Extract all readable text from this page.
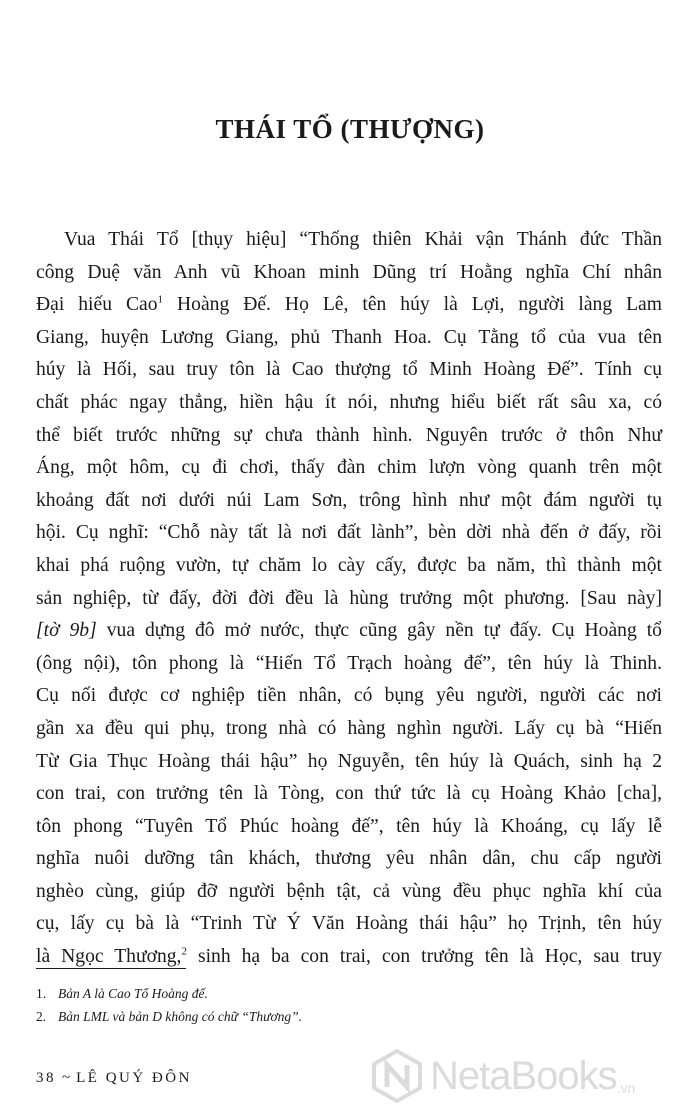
THÁI TỔ (THƯỢNG)
Vua Thái Tổ [thụy hiệu] “Thống thiên Khải vận Thánh đức Thần
công Duệ văn Anh vũ Khoan minh Dũng trí Hoằng nghĩa Chí nhân
Đại hiếu Cao$^1$ Hoàng Đế. Họ Lê, tên húy là Lợi, người làng Lam
Giang, huyện Lương Giang, phủ Thanh Hoa. Cụ Tằng tổ của vua tên
húy là Hối, sau truy tôn là Cao thượng tổ Minh Hoàng Đế”. Tính cụ
chất phác ngay thẳng, hiền hậu ít nói, nhưng hiểu biết rất sâu xa, có
thể biết trước những sự chưa thành hình. Nguyên trước ở thôn Như
Áng, một hôm, cụ đi chơi, thấy đàn chim lượn vòng quanh trên một
khoảng đất nơi dưới núi Lam Sơn, trông hình như một đám người tụ
hội. Cụ nghĩ: “Chỗ này tất là nơi đất lành”, bèn dời nhà đến ở đấy, rồi
khai phá ruộng vườn, tự chăm lo cày cấy, được ba năm, thì thành một
sản nghiệp, từ đấy, đời đời đều là hùng trưởng một phương. [Sau này]
[tờ 9b] vua dựng đô mở nước, thực cũng gây nền tự đấy. Cụ Hoàng tổ
(ông nội), tôn phong là “Hiến Tổ Trạch hoàng đế”, tên húy là Thinh.
Cụ nối được cơ nghiệp tiền nhân, có bụng yêu người, người các nơi
gần xa đều qui phụ, trong nhà có hàng nghìn người. Lấy cụ bà “Hiến
Từ Gia Thục Hoàng thái hậu” họ Nguyễn, tên húy là Quách, sinh hạ 2
con trai, con trưởng tên là Tòng, con thứ tức là cụ Hoàng Khảo [cha],
tôn phong “Tuyên Tổ Phúc hoàng đế”, tên húy là Khoáng, cụ lấy lễ
nghĩa nuôi dưỡng tân khách, thương yêu nhân dân, chu cấp người
nghèo cùng, giúp đỡ người bệnh tật, cả vùng đều phục nghĩa khí của
cụ, lấy cụ bà là “Trinh Từ Ý Văn Hoàng thái hậu” họ Trịnh, tên húy
là Ngọc Thương,$^2$ sinh hạ ba con trai, con trưởng tên là Học, sau truy
1. Bản A là Cao Tổ Hoàng đế.
2. Bản LML và bản D không có chữ “Thương”.
38 ~ LÊ QUÝ ĐÔN	NetaBooks .vn
